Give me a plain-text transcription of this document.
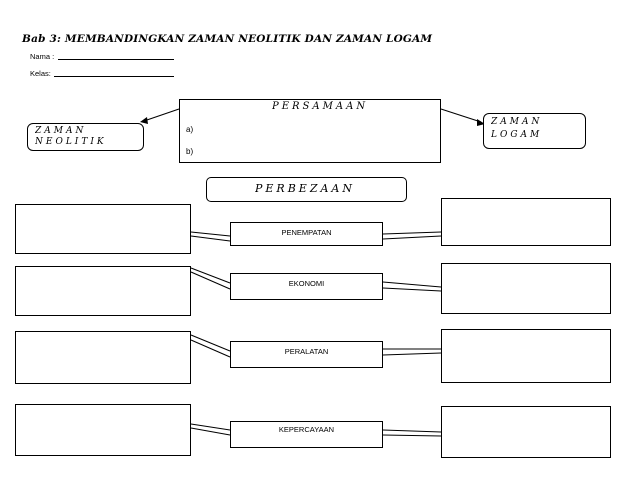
Bab 3: MEMBANDINGKAN ZAMAN NEOLITIK DAN ZAMAN LOGAM
Nama :
Kelas:
PERSAMAAN
a)
b)
ZAMAN
NEOLITIK
ZAMAN
LOGAM
PERBEZAAN
PENEMPATAN
EKONOMI
PERALATAN
KEPERCAYAAN
